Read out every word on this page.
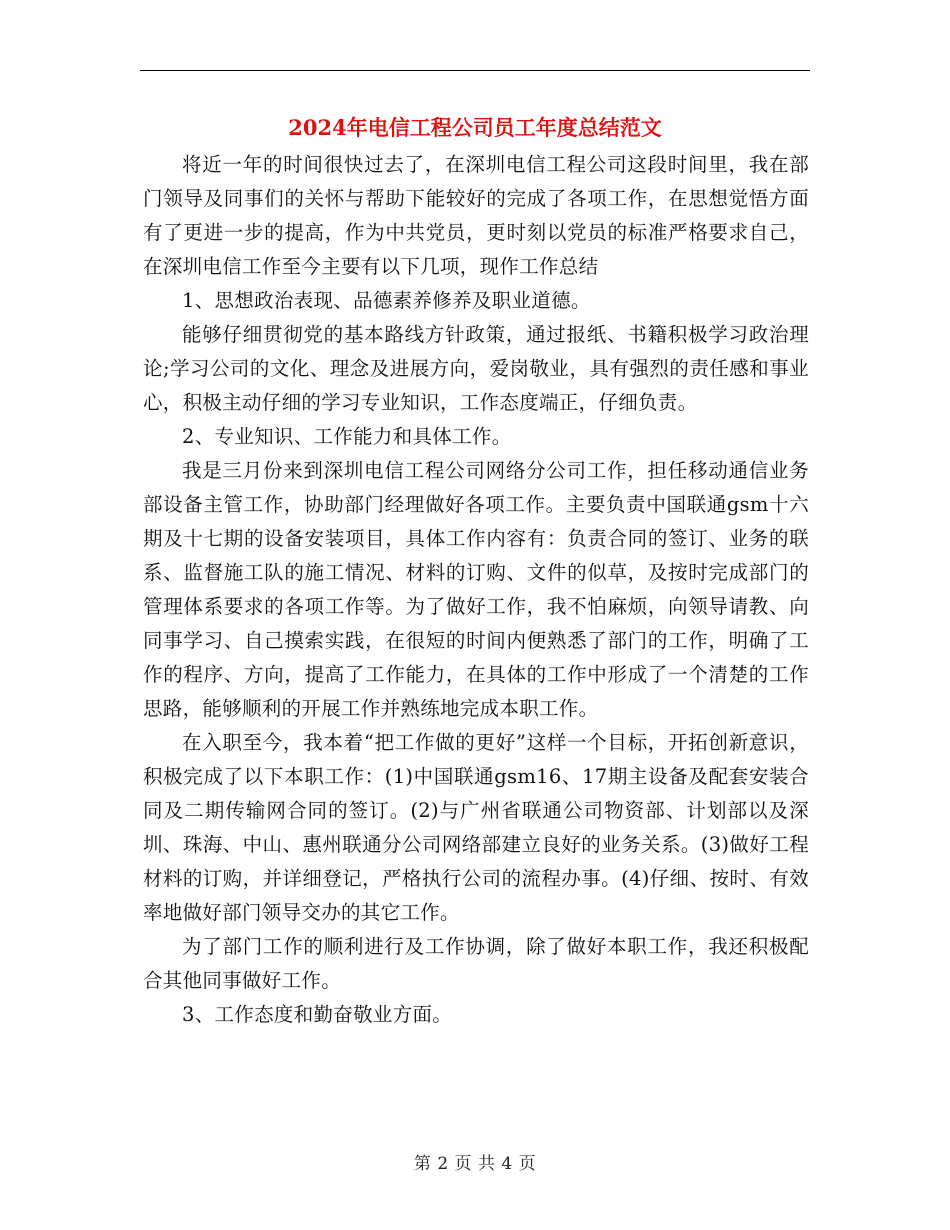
2024年电信工程公司员工年度总结范文

将近一年的时间很快过去了，在深圳电信工程公司这段时间里，我在部门领导及同事们的关怀与帮助下能较好的完成了各项工作，在思想觉悟方面有了更进一步的提高，作为中共党员，更时刻以党员的标准严格要求自己，在深圳电信工作至今主要有以下几项，现作工作总结

1、思想政治表现、品德素养修养及职业道德。

能够仔细贯彻党的基本路线方针政策，通过报纸、书籍积极学习政治理论;学习公司的文化、理念及进展方向，爱岗敬业，具有强烈的责任感和事业心，积极主动仔细的学习专业知识，工作态度端正，仔细负责。

2、专业知识、工作能力和具体工作。

我是三月份来到深圳电信工程公司网络分公司工作，担任移动通信业务部设备主管工作，协助部门经理做好各项工作。主要负责中国联通gsm十六期及十七期的设备安装项目，具体工作内容有：负责合同的签订、业务的联系、监督施工队的施工情况、材料的订购、文件的似草，及按时完成部门的管理体系要求的各项工作等。为了做好工作，我不怕麻烦，向领导请教、向同事学习、自己摸索实践，在很短的时间内便熟悉了部门的工作，明确了工作的程序、方向，提高了工作能力，在具体的工作中形成了一个清楚的工作思路，能够顺利的开展工作并熟练地完成本职工作。

在入职至今，我本着“把工作做的更好”这样一个目标，开拓创新意识，积极完成了以下本职工作：(1)中国联通gsm16、17期主设备及配套安装合同及二期传输网合同的签订。(2)与广州省联通公司物资部、计划部以及深圳、珠海、中山、惠州联通分公司网络部建立良好的业务关系。(3)做好工程材料的订购，并详细登记，严格执行公司的流程办事。(4)仔细、按时、有效率地做好部门领导交办的其它工作。

为了部门工作的顺利进行及工作协调，除了做好本职工作，我还积极配合其他同事做好工作。

3、工作态度和勤奋敬业方面。

第 2 页 共 4 页
